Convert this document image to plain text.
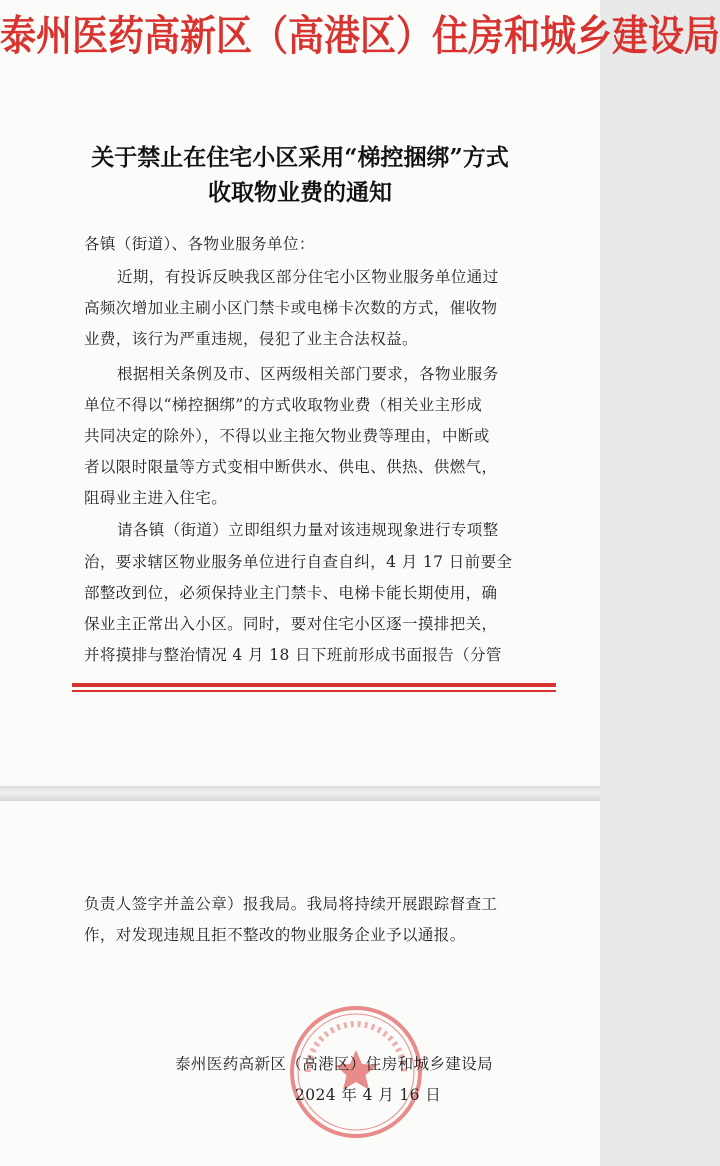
泰州医药高新区（高港区）住房和城乡建设局
关于禁止在住宅小区采用“梯控捆绑”方式
收取物业费的通知
各镇（街道）、各物业服务单位：
近期，有投诉反映我区部分住宅小区物业服务单位通过
高频次增加业主刷小区门禁卡或电梯卡次数的方式，催收物
业费，该行为严重违规，侵犯了业主合法权益。
根据相关条例及市、区两级相关部门要求，各物业服务
单位不得以“梯控捆绑”的方式收取物业费（相关业主形成
共同决定的除外），不得以业主拖欠物业费等理由，中断或
者以限时限量等方式变相中断供水、供电、供热、供燃气，
阻碍业主进入住宅。
请各镇（街道）立即组织力量对该违规现象进行专项整
治，要求辖区物业服务单位进行自查自纠，4 月 17 日前要全
部整改到位，必须保持业主门禁卡、电梯卡能长期使用，确
保业主正常出入小区。同时，要对住宅小区逐一摸排把关，
并将摸排与整治情况 4 月 18 日下班前形成书面报告（分管
负责人签字并盖公章）报我局。我局将持续开展跟踪督查工
作，对发现违规且拒不整改的物业服务企业予以通报。
泰州医药高新区（高港区）住房和城乡建设局
2024 年 4 月 16 日
